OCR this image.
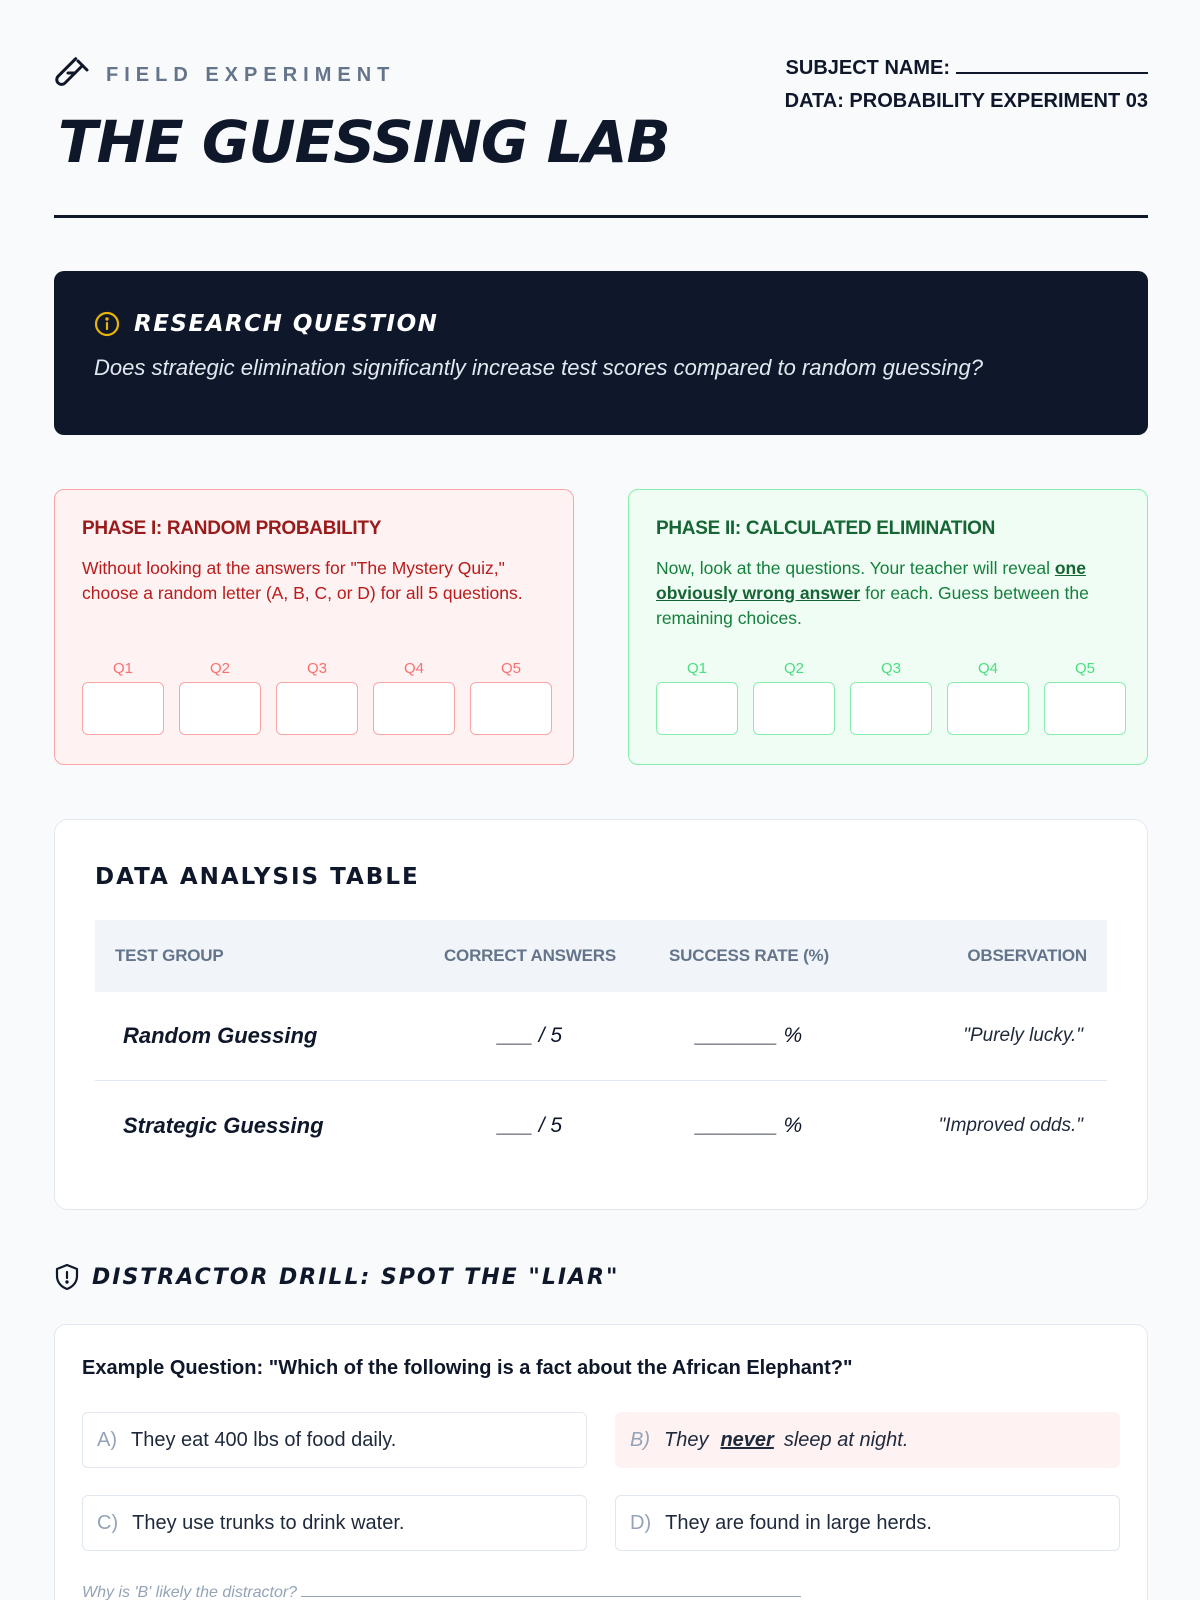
FIELD EXPERIMENT
THE GUESSING LAB
SUBJECT NAME:
DATA: PROBABILITY EXPERIMENT 03
RESEARCH QUESTION
Does strategic elimination significantly increase test scores compared to random guessing?
PHASE I: RANDOM PROBABILITY
Without looking at the answers for "The Mystery Quiz," choose a random letter (A, B, C, or D) for all 5 questions.
Q1	Q2	Q3	Q4	Q5
PHASE II: CALCULATED ELIMINATION
Now, look at the questions. Your teacher will reveal one obviously wrong answer for each. Guess between the remaining choices.
Q1	Q2	Q3	Q4	Q5
DATA ANALYSIS TABLE
TEST GROUP	CORRECT ANSWERS	SUCCESS RATE (%)	OBSERVATION
Random Guessing	___ / 5	_______ %	"Purely lucky."
Strategic Guessing	___ / 5	_______ %	"Improved odds."
DISTRACTOR DRILL: SPOT THE "LIAR"
Example Question: "Which of the following is a fact about the African Elephant?"
A) They eat 400 lbs of food daily.	B) They never sleep at night.
C) They use trunks to drink water.	D) They are found in large herds.
Why is 'B' likely the distractor?
